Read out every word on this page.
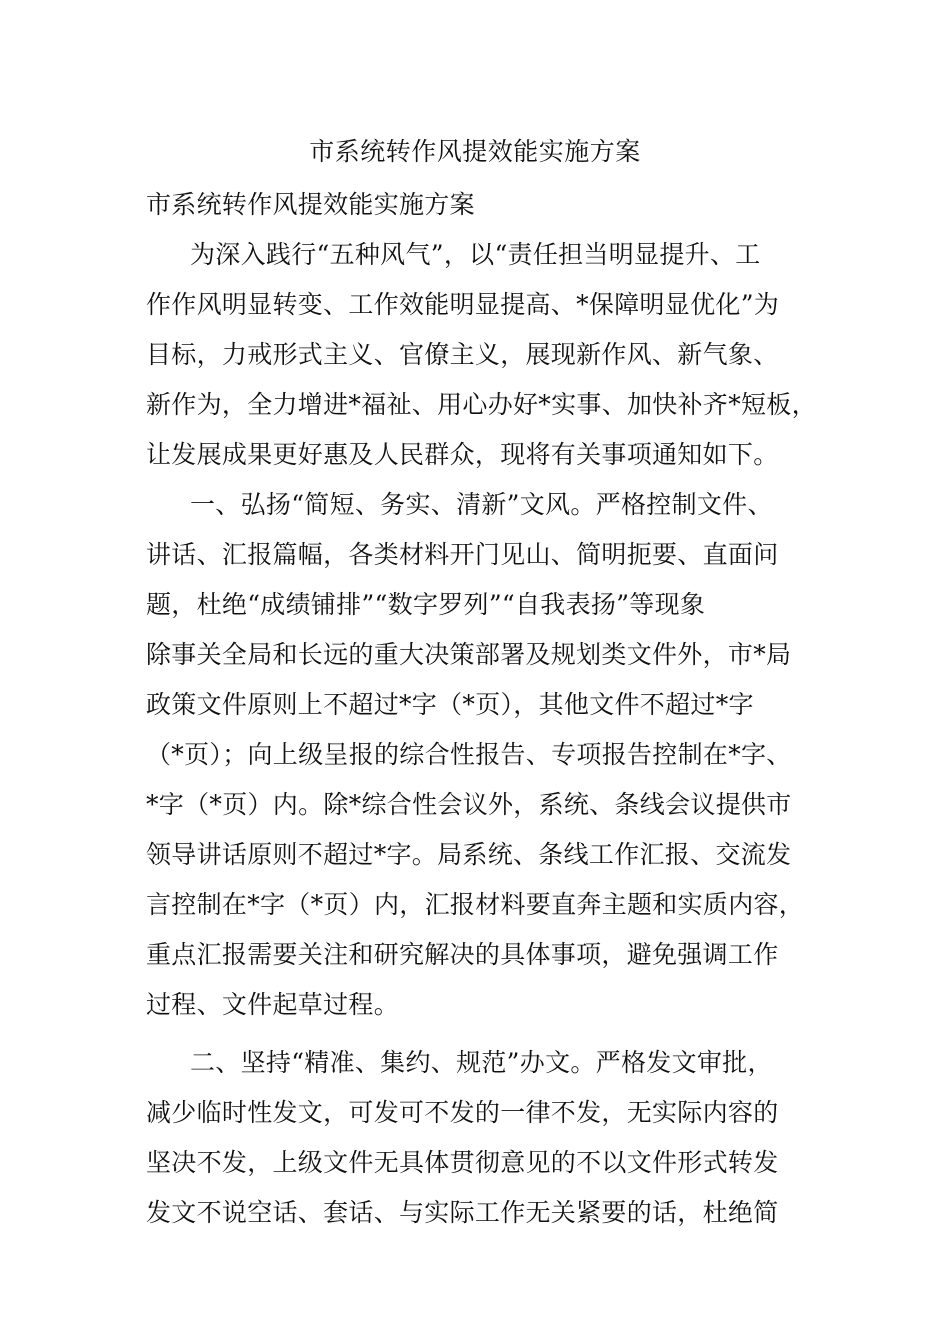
市系统转作风提效能实施方案
市系统转作风提效能实施方案
为深入践行“五种风气”，以“责任担当明显提升、工
作作风明显转变、工作效能明显提高、*保障明显优化”为
目标，力戒形式主义、官僚主义，展现新作风、新气象、
新作为，全力增进*福祉、用心办好*实事、加快补齐*短板，
让发展成果更好惠及人民群众，现将有关事项通知如下。
一、弘扬“简短、务实、清新”文风。严格控制文件、
讲话、汇报篇幅，各类材料开门见山、简明扼要、直面问
题，杜绝“成绩铺排”“数字罗列”“自我表扬”等现象
除事关全局和长远的重大决策部署及规划类文件外，市*局
政策文件原则上不超过*字（*页），其他文件不超过*字
（*页）；向上级呈报的综合性报告、专项报告控制在*字、
*字（*页）内。除*综合性会议外，系统、条线会议提供市
领导讲话原则不超过*字。局系统、条线工作汇报、交流发
言控制在*字（*页）内，汇报材料要直奔主题和实质内容，
重点汇报需要关注和研究解决的具体事项，避免强调工作
过程、文件起草过程。
二、坚持“精准、集约、规范”办文。严格发文审批，
减少临时性发文，可发可不发的一律不发，无实际内容的
坚决不发，上级文件无具体贯彻意见的不以文件形式转发
发文不说空话、套话、与实际工作无关紧要的话，杜绝简
